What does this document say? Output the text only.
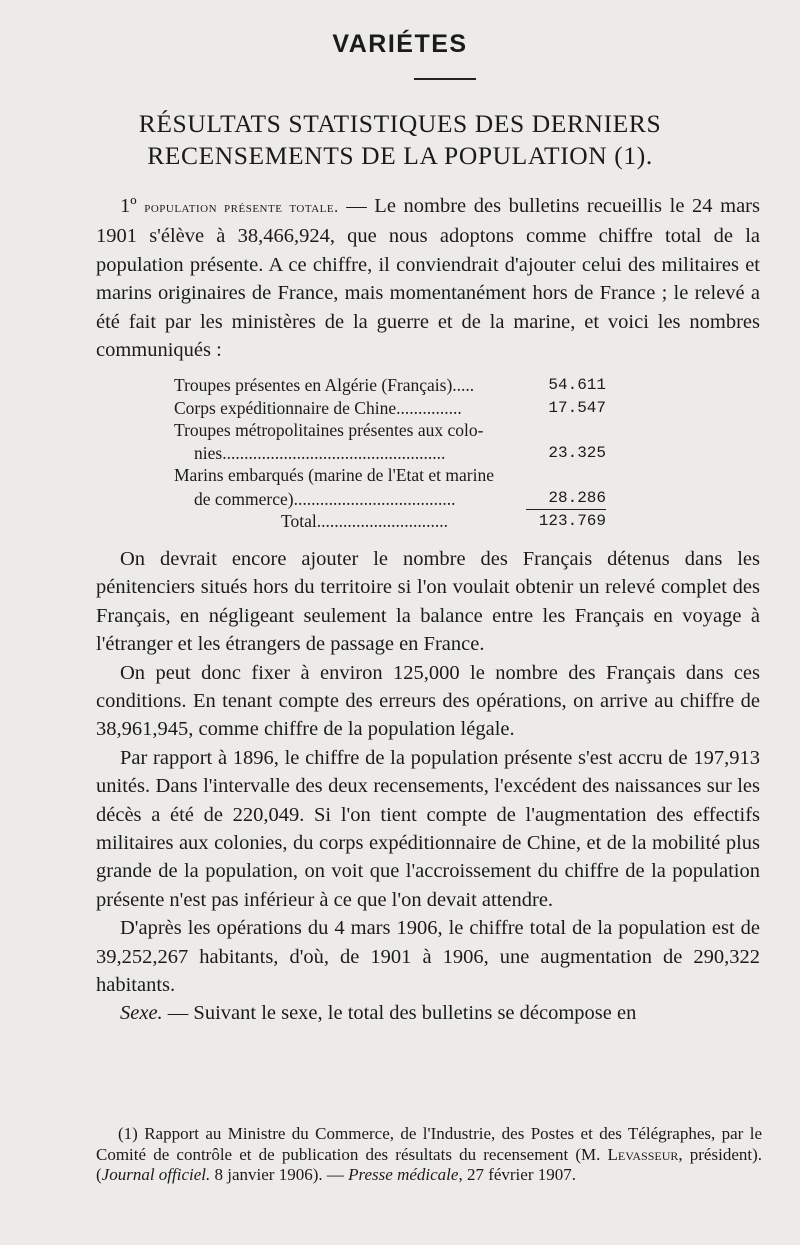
VARIÉTES
RÉSULTATS STATISTIQUES DES DERNIERS
RECENSEMENTS DE LA POPULATION (1).

1º population présente totale. — Le nombre des bulletins recueillis le 24 mars 1901 s'élève à 38,466,924, que nous adoptons comme chiffre total de la population présente. A ce chiffre, il conviendrait d'ajouter celui des militaires et marins originaires de France, mais momentanément hors de France ; le relevé a été fait par les ministères de la guerre et de la marine, et voici les nombres communiqués :

Troupes présentes en Algérie (Français).....	54.611
Corps expéditionnaire de Chine...............	17.547
Troupes métropolitaines présentes aux colo-
nies...................................................	23.325
Marins embarqués (marine de l'Etat et marine
de commerce).....................................	28.286
Total..............................	123.769

On devrait encore ajouter le nombre des Français détenus dans les pénitenciers situés hors du territoire si l'on voulait obtenir un relevé complet des Français, en négligeant seulement la balance entre les Français en voyage à l'étranger et les étrangers de passage en France.

On peut donc fixer à environ 125,000 le nombre des Français dans ces conditions. En tenant compte des erreurs des opérations, on arrive au chiffre de 38,961,945, comme chiffre de la population légale.

Par rapport à 1896, le chiffre de la population présente s'est accru de 197,913 unités. Dans l'intervalle des deux recensements, l'excédent des naissances sur les décès a été de 220,049. Si l'on tient compte de l'augmentation des effectifs militaires aux colonies, du corps expéditionnaire de Chine, et de la mobilité plus grande de la population, on voit que l'accroissement du chiffre de la population présente n'est pas inférieur à ce que l'on devait attendre.

D'après les opérations du 4 mars 1906, le chiffre total de la population est de 39,252,267 habitants, d'où, de 1901 à 1906, une augmentation de 290,322 habitants.

Sexe. — Suivant le sexe, le total des bulletins se décompose en

(1) Rapport au Ministre du Commerce, de l'Industrie, des Postes et des Télégraphes, par le Comité de contrôle et de publication des résultats du recensement (M. Levasseur, président). (Journal officiel. 8 janvier 1906). — Presse médicale, 27 février 1907.
